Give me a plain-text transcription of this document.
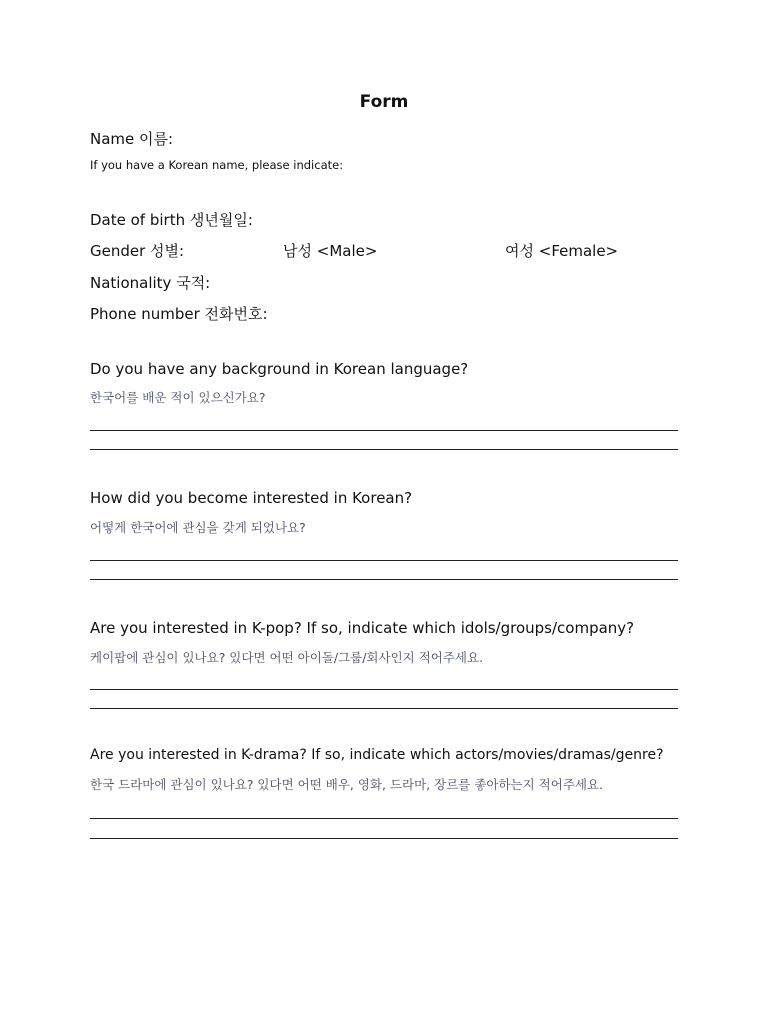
Form
Name 이름:
If you have a Korean name, please indicate:
Date of birth 생년월일:
Gender 성별:	남성 <Male>	여성 <Female>
Nationality 국적:
Phone number 전화번호:
Do you have any background in Korean language?
한국어를 배운 적이 있으신가요?
How did you become interested in Korean?
어떻게 한국어에 관심을 갖게 되었나요?
Are you interested in K-pop? If so, indicate which idols/groups/company?
케이팝에 관심이 있나요? 있다면 어떤 아이돌/그룹/회사인지 적어주세요.
Are you interested in K-drama? If so, indicate which actors/movies/dramas/genre?
한국 드라마에 관심이 있나요? 있다면 어떤 배우, 영화, 드라마, 장르를 좋아하는지 적어주세요.
